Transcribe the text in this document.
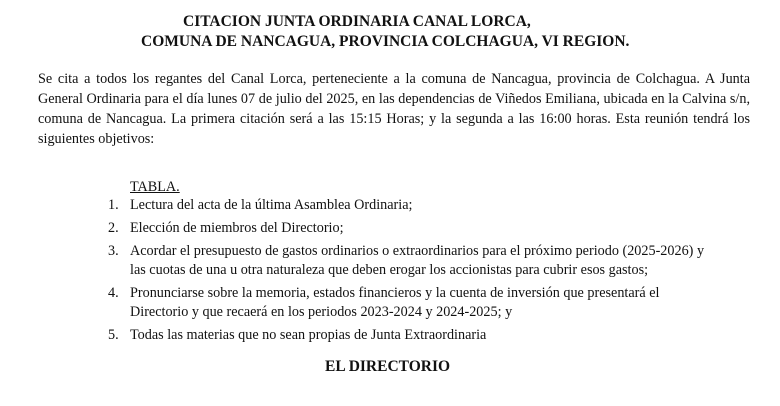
CITACION JUNTA ORDINARIA CANAL LORCA,
COMUNA DE NANCAGUA, PROVINCIA COLCHAGUA, VI REGION.
Se cita a todos los regantes del Canal Lorca, perteneciente a la comuna de Nancagua, provincia de Colchagua. A Junta General Ordinaria para el día lunes 07 de julio del 2025, en las dependencias de Viñedos Emiliana, ubicada en la Calvina s/n, comuna de Nancagua. La primera citación será a las 15:15 Horas; y la segunda a las 16:00 horas. Esta reunión tendrá los siguientes objetivos:
TABLA.
1. Lectura del acta de la última Asamblea Ordinaria;
2. Elección de miembros del Directorio;
3. Acordar el presupuesto de gastos ordinarios o extraordinarios para el próximo periodo (2025-2026) y las cuotas de una u otra naturaleza que deben erogar los accionistas para cubrir esos gastos;
4. Pronunciarse sobre la memoria, estados financieros y la cuenta de inversión que presentará el Directorio y que recaerá en los periodos 2023-2024 y 2024-2025; y
5. Todas las materias que no sean propias de Junta Extraordinaria
EL DIRECTORIO
